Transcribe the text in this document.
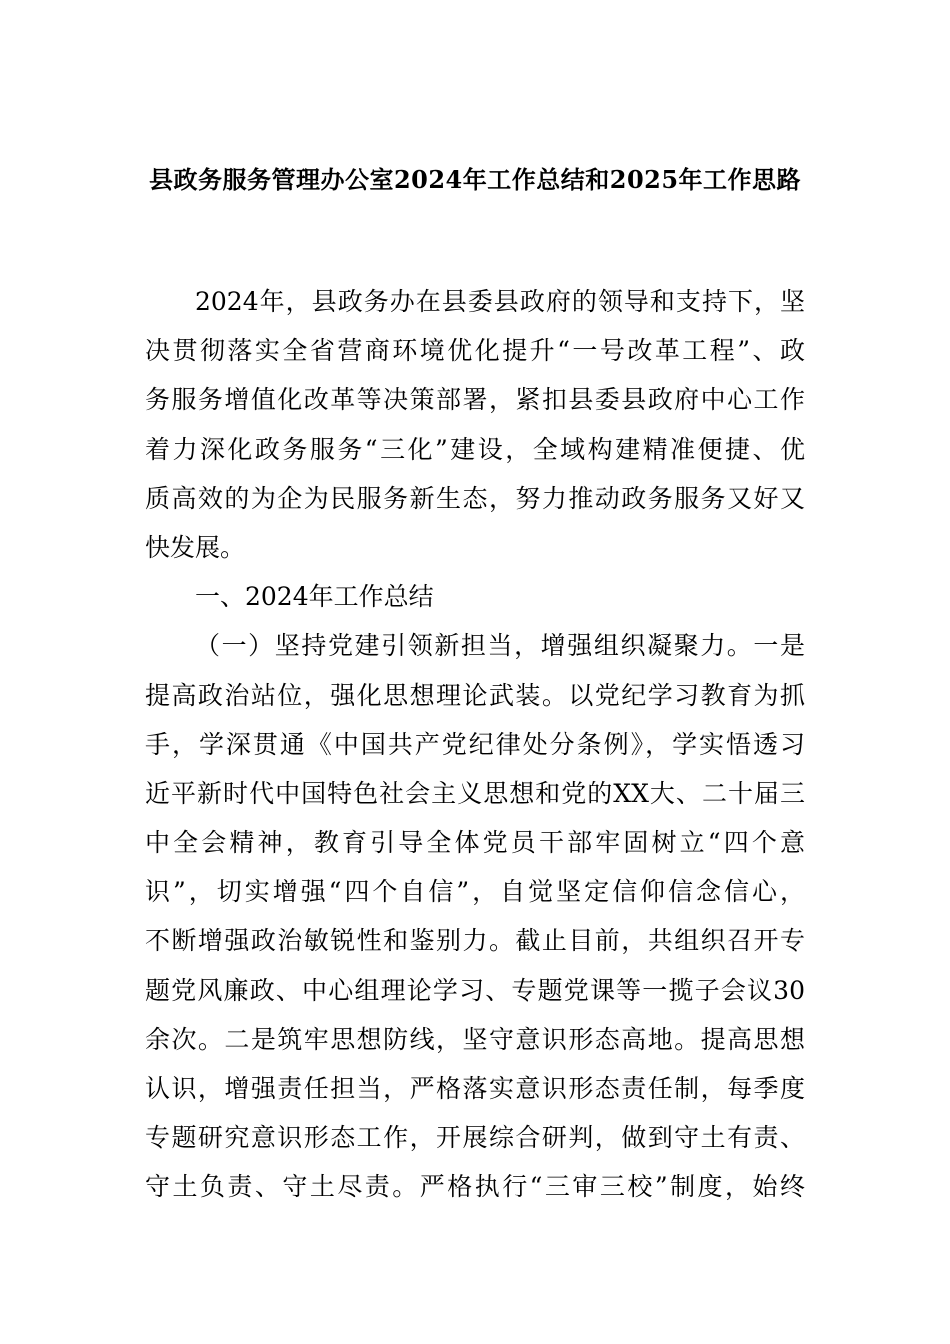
县政务服务管理办公室2024年工作总结和2025年工作思路
2024年，县政务办在县委县政府的领导和支持下，坚
决贯彻落实全省营商环境优化提升“一号改革工程”、政
务服务增值化改革等决策部署，紧扣县委县政府中心工作
着力深化政务服务“三化”建设，全域构建精准便捷、优
质高效的为企为民服务新生态，努力推动政务服务又好又
快发展。
一、2024年工作总结
（一）坚持党建引领新担当，增强组织凝聚力。一是
提高政治站位，强化思想理论武装。以党纪学习教育为抓
手，学深贯通《中国共产党纪律处分条例》，学实悟透习
近平新时代中国特色社会主义思想和党的XX大、二十届三
中全会精神，教育引导全体党员干部牢固树立“四个意
识”，切实增强“四个自信”，自觉坚定信仰信念信心，
不断增强政治敏锐性和鉴别力。截止目前，共组织召开专
题党风廉政、中心组理论学习、专题党课等一揽子会议30
余次。二是筑牢思想防线，坚守意识形态高地。提高思想
认识，增强责任担当，严格落实意识形态责任制，每季度
专题研究意识形态工作，开展综合研判，做到守土有责、
守土负责、守土尽责。严格执行“三审三校”制度，始终
